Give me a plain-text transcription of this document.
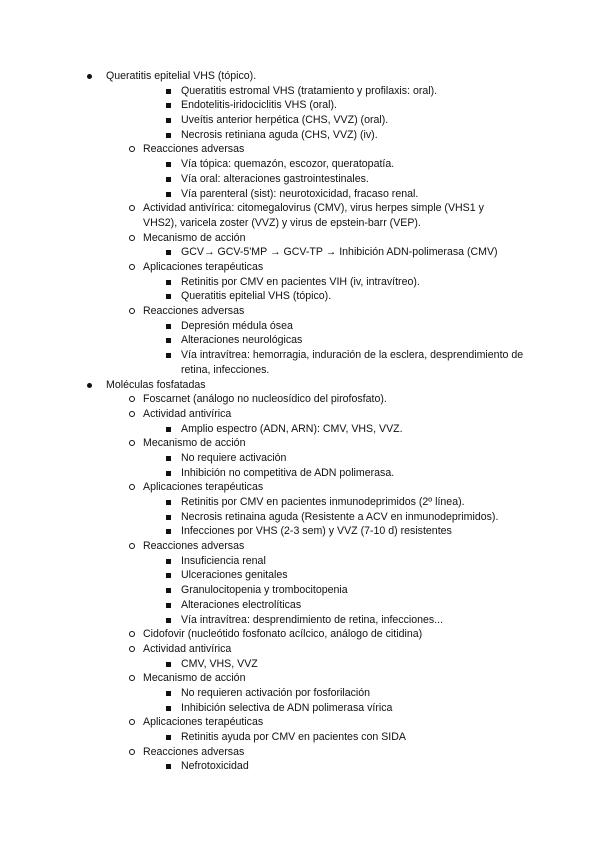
Queratitis epitelial VHS (tópico).
Queratitis estromal VHS (tratamiento y profilaxis: oral).
Endotelitis-iridociclitis VHS (oral).
Uveítis anterior herpética (CHS, VVZ) (oral).
Necrosis retiniana aguda (CHS, VVZ) (iv).
Reacciones adversas
Vía tópica: quemazón, escozor, queratopatía.
Vía oral: alteraciones gastrointestinales.
Vía parenteral (sist): neurotoxicidad, fracaso renal.
Actividad antivírica: citomegalovirus (CMV), virus herpes simple (VHS1 y VHS2), varicela zoster (VVZ) y virus de epstein-barr (VEP).
Mecanismo de acción
GCV→ GCV-5'MP → GCV-TP → Inhibición ADN-polimerasa (CMV)
Aplicaciones terapéuticas
Retinitis por CMV en pacientes VIH (iv, intravítreo).
Queratitis epitelial VHS (tópico).
Reacciones adversas
Depresión médula ósea
Alteraciones neurológicas
Vía intravítrea: hemorragia, induración de la esclera, desprendimiento de retina, infecciones.
Moléculas fosfatadas
Foscarnet (análogo no nucleosídico del pirofosfato).
Actividad antivírica
Amplio espectro (ADN, ARN): CMV, VHS, VVZ.
Mecanismo de acción
No requiere activación
Inhibición no competitiva de ADN polimerasa.
Aplicaciones terapéuticas
Retinitis por CMV en pacientes inmunodeprimidos (2º línea).
Necrosis retinaina aguda (Resistente a ACV en inmunodeprimidos).
Infecciones por VHS (2-3 sem) y VVZ (7-10 d) resistentes
Reacciones adversas
Insuficiencia renal
Ulceraciones genitales
Granulocitopenia y trombocitopenia
Alteraciones electrolíticas
Vía intravítrea: desprendimiento de retina, infecciones...
Cidofovir (nucleótido fosfonato acílcico, análogo de citidina)
Actividad antivírica
CMV, VHS, VVZ
Mecanismo de acción
No requieren activación por fosforilación
Inhibición selectiva de ADN polimerasa vírica
Aplicaciones terapéuticas
Retinitis ayuda por CMV en pacientes con SIDA
Reacciones adversas
Nefrotoxicidad
